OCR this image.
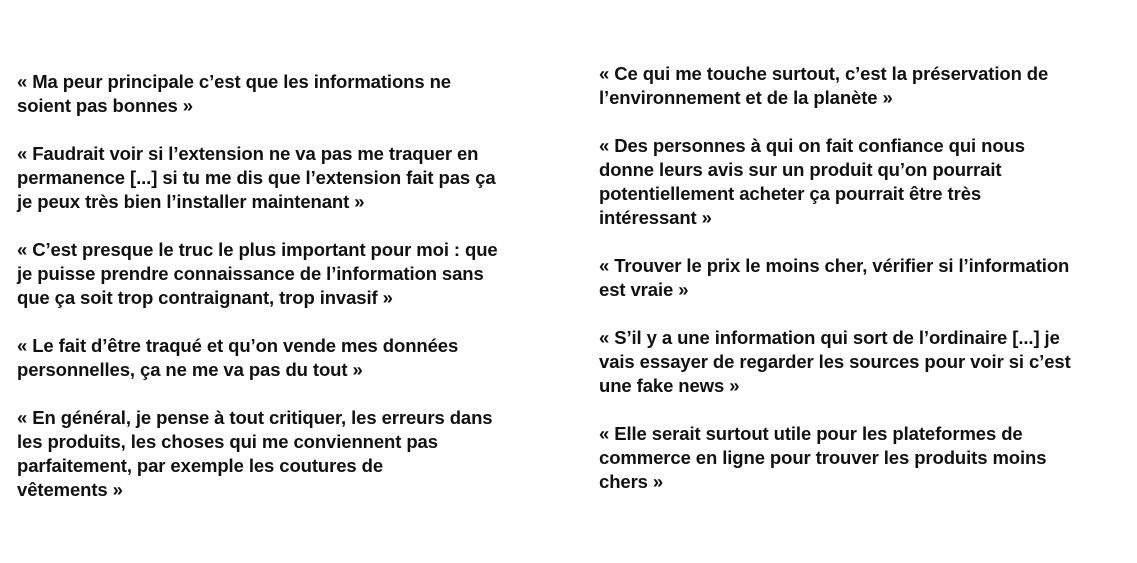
« Ma peur principale c’est que les informations ne
soient pas bonnes »
« Faudrait voir si l’extension ne va pas me traquer en
permanence [...] si tu me dis que l’extension fait pas ça
je peux très bien l’installer maintenant »
« C’est presque le truc le plus important pour moi : que
je puisse prendre connaissance de l’information sans
que ça soit trop contraignant, trop invasif »
« Le fait d’être traqué et qu’on vende mes données
personnelles, ça ne me va pas du tout »
« En général, je pense à tout critiquer, les erreurs dans
les produits, les choses qui me conviennent pas
parfaitement, par exemple les coutures de
vêtements »
« Ce qui me touche surtout, c’est la préservation de
l’environnement et de la planète »
« Des personnes à qui on fait confiance qui nous
donne leurs avis sur un produit qu’on pourrait
potentiellement acheter ça pourrait être très
intéressant »
« Trouver le prix le moins cher, vérifier si l’information
est vraie »
« S’il y a une information qui sort de l’ordinaire [...] je
vais essayer de regarder les sources pour voir si c’est
une fake news »
« Elle serait surtout utile pour les plateformes de
commerce en ligne pour trouver les produits moins
chers »
